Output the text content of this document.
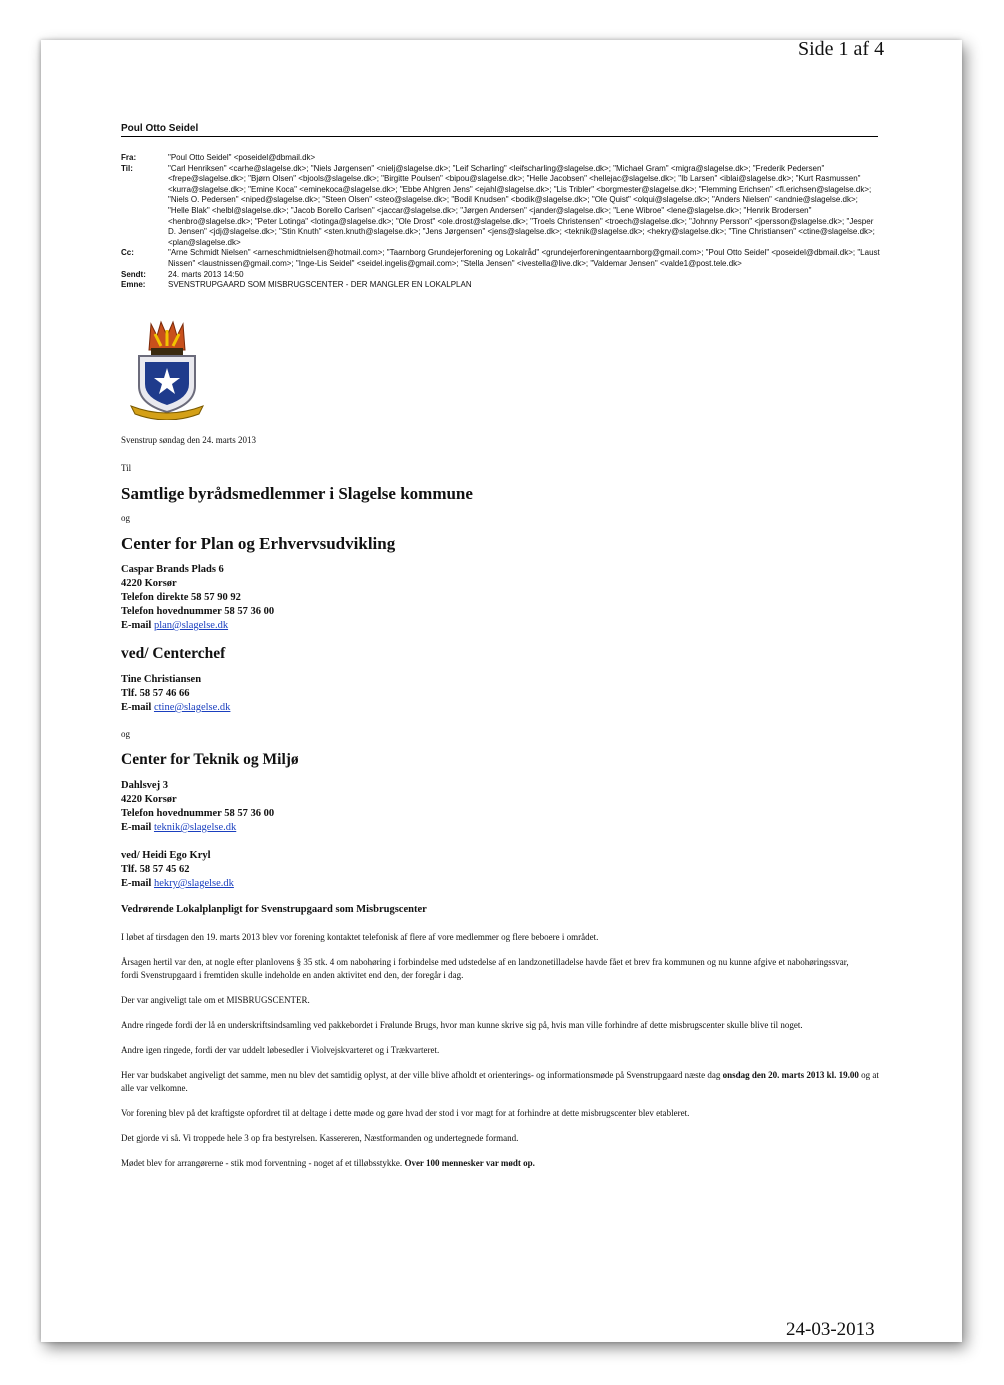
Side 1 af 4
Poul Otto Seidel
Fra:	"Poul Otto Seidel" <poseidel@dbmail.dk>
Til:	"Carl Henriksen" <carhe@slagelse.dk>; "Niels Jørgensen" <nielj@slagelse.dk>; "Leif Scharling" <leifscharling@slagelse.dk>; "Michael Gram" <migra@slagelse.dk>; "Frederik Pedersen" <frepe@slagelse.dk>; "Bjørn Olsen" <bjools@slagelse.dk>; "Birgitte Poulsen" <bipou@slagelse.dk>; "Helle Jacobsen" <hellejac@slagelse.dk>; "Ib Larsen" <iblai@slagelse.dk>; "Kurt Rasmussen" <kurra@slagelse.dk>; "Emine Koca" <eminekoca@slagelse.dk>; "Ebbe Ahlgren Jens" <ejahl@slagelse.dk>; "Lis Tribler" <borgmester@slagelse.dk>; "Flemming Erichsen" <fl.erichsen@slagelse.dk>; "Niels O. Pedersen" <niped@slagelse.dk>; "Steen Olsen" <steo@slagelse.dk>; "Bodil Knudsen" <bodik@slagelse.dk>; "Ole Quist" <olqui@slagelse.dk>; "Anders Nielsen" <andnie@slagelse.dk>; "Helle Blak" <helbl@slagelse.dk>; "Jacob Borello Carlsen" <jaccar@slagelse.dk>; "Jørgen Andersen" <jander@slagelse.dk>; "Lene Wibroe" <lene@slagelse.dk>; "Henrik Brodersen" <henbro@slagelse.dk>; "Peter Lotinga" <lotinga@slagelse.dk>; "Ole Drost" <ole.drost@slagelse.dk>; "Troels Christensen" <troech@slagelse.dk>; "Johnny Persson" <jpersson@slagelse.dk>; "Jesper D. Jensen" <jdj@slagelse.dk>; "Stin Knuth" <sten.knuth@slagelse.dk>; "Jens Jørgensen" <jens@slagelse.dk>; <teknik@slagelse.dk>; <hekry@slagelse.dk>; "Tine Christiansen" <ctine@slagelse.dk>; <plan@slagelse.dk>
Cc:	"Arne Schmidt Nielsen" <arneschmidtnielsen@hotmail.com>; "Taarnborg Grundejerforening og Lokalråd" <grundejerforeningentaarnborg@gmail.com>; "Poul Otto Seidel" <poseidel@dbmail.dk>; "Laust Nissen" <laustnissen@gmail.com>; "Inge-Lis Seidel" <seidel.ingelis@gmail.com>; "Stella Jensen" <ivestella@live.dk>; "Valdemar Jensen" <valde1@post.tele.dk>
Sendt:	24. marts 2013 14:50
Emne:	SVENSTRUPGAARD SOM MISBRUGSCENTER - DER MANGLER EN LOKALPLAN

Svenstrup søndag den 24. marts 2013

Til

Samtlige byrådsmedlemmer i Slagelse kommune

og

Center for Plan og Erhvervsudvikling

Caspar Brands Plads 6
4220 Korsør
Telefon direkte 58 57 90 92
Telefon hovednummer 58 57 36 00
E-mail plan@slagelse.dk

ved/ Centerchef

Tine Christiansen
Tlf. 58 57 46 66
E-mail ctine@slagelse.dk

og

Center for Teknik og Miljø

Dahlsvej 3
4220 Korsør
Telefon hovednummer 58 57 36 00
E-mail teknik@slagelse.dk
ved/ Heidi Ego Kryl
Tlf. 58 57 45 62
E-mail hekry@slagelse.dk

Vedrørende Lokalplanpligt for Svenstrupgaard som Misbrugscenter

I løbet af tirsdagen den 19. marts 2013 blev vor forening kontaktet telefonisk af flere af vore medlemmer og flere beboere i området.

Årsagen hertil var den, at nogle efter planlovens § 35 stk. 4 om nabohøring i forbindelse med udstedelse af en landzonetilladelse havde fået et brev fra kommunen og nu kunne afgive et nabohøringssvar,

fordi Svenstrupgaard i fremtiden skulle indeholde en anden aktivitet end den, der foregår i dag.

Der var angiveligt tale om et MISBRUGSCENTER.

Andre ringede fordi der lå en underskriftsindsamling ved pakkebordet i Frølunde Brugs, hvor man kunne skrive sig på, hvis man ville forhindre af dette misbrugscenter skulle blive til noget.

Andre igen ringede, fordi der var uddelt løbesedler i Violvejskvarteret og i Trækvarteret.

Her var budskabet angiveligt det samme, men nu blev det samtidig oplyst, at der ville blive afholdt et orienterings- og informationsmøde på Svenstrupgaard næste dag onsdag den 20. marts 2013 kl. 19.00 og at alle var velkomne.

Vor forening blev på det kraftigste opfordret til at deltage i dette møde og gøre hvad der stod i vor magt for at forhindre at dette misbrugscenter blev etableret.

Det gjorde vi så. Vi troppede hele 3 op fra bestyrelsen. Kassereren, Næstformanden og undertegnede formand.

Mødet blev for arrangørerne - stik mod forventning - noget af et tilløbsstykke. Over 100 mennesker var mødt op.

24-03-2013
